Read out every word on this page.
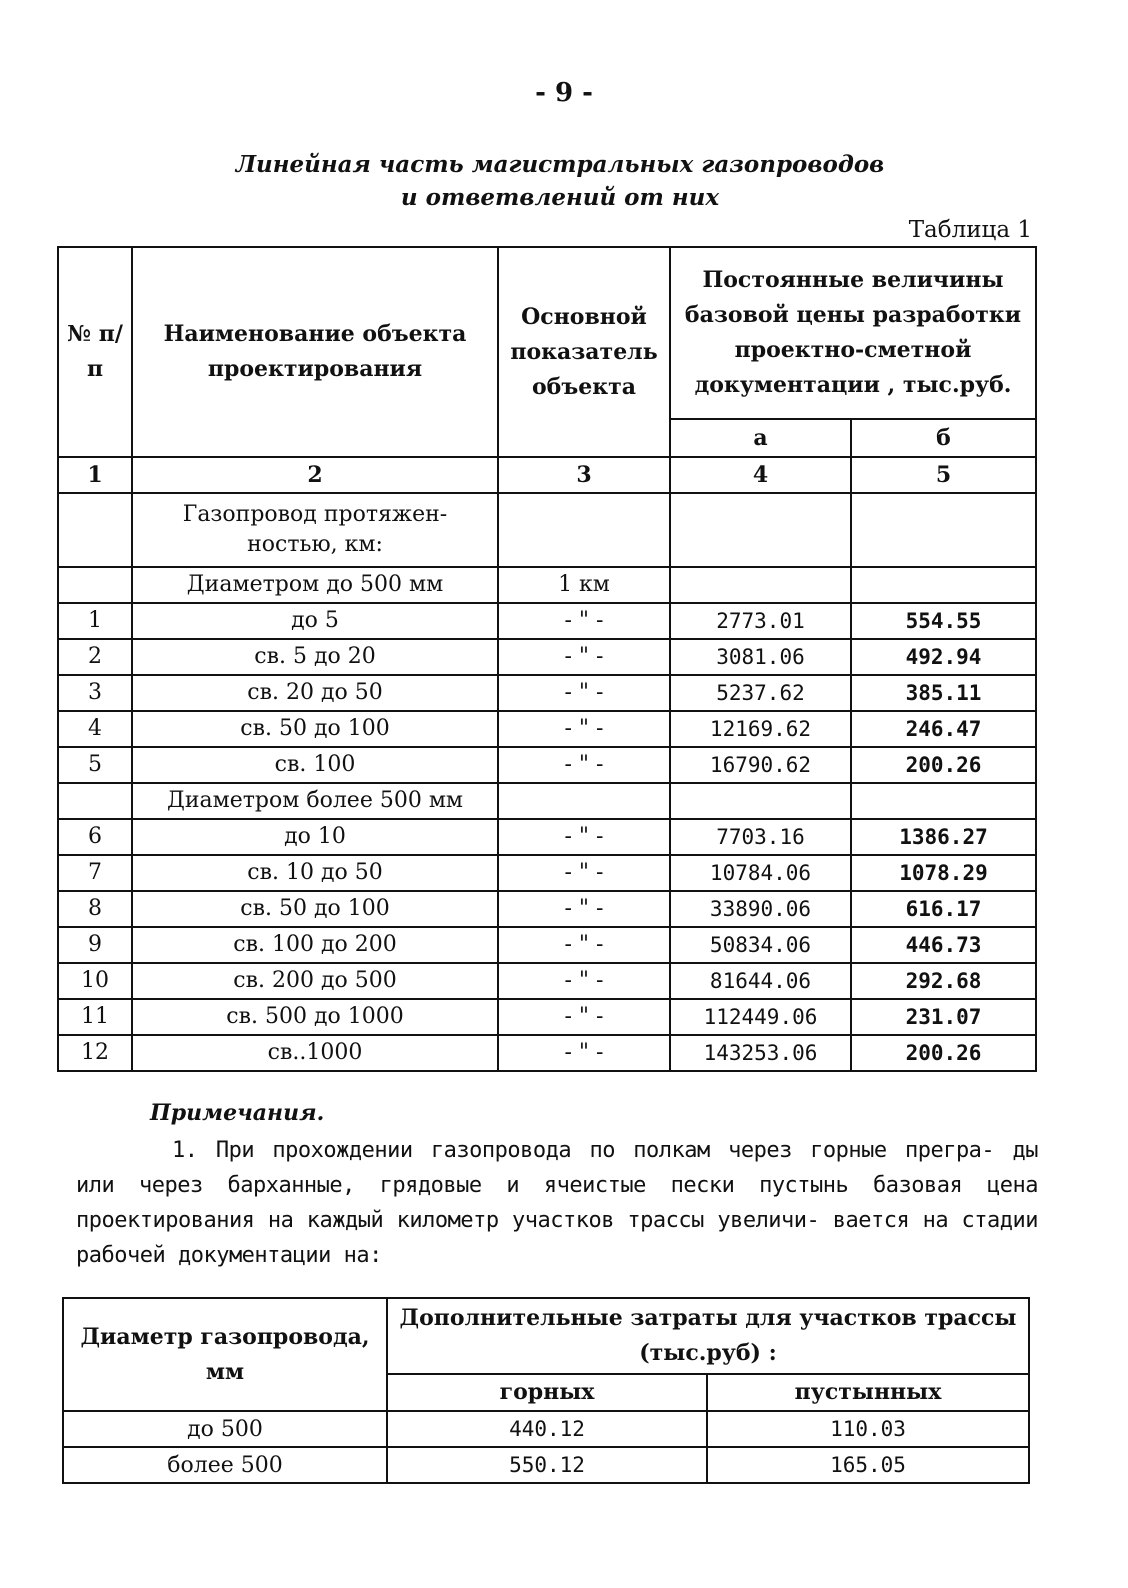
- 9 -
Линейная часть магистральных газопроводов
и ответвлений от них
Таблица 1
№ п/п	Наименование объекта проектирования	Основной показатель объекта	Постоянные величины базовой цены разработки проектно-сметной документации , тыс.руб.	
			а	б
1	2	3	4	5
	Газопровод протяжен- ностью, км:			
	Диаметром до 500 мм	1 км		
1	до 5	- " -	2773.01	554.55
2	св. 5 до 20	- " -	3081.06	492.94
3	св. 20 до 50	- " -	5237.62	385.11
4	св. 50 до 100	- " -	12169.62	246.47
5	св. 100	- " -	16790.62	200.26
	Диаметром более 500 мм			
6	до 10	- " -	7703.16	1386.27
7	св. 10 до 50	- " -	10784.06	1078.29
8	св. 50 до 100	- " -	33890.06	616.17
9	св. 100 до 200	- " -	50834.06	446.73
10	св. 200 до 500	- " -	81644.06	292.68
11	св. 500 до 1000	- " -	112449.06	231.07
12	св..1000	- " -	143253.06	200.26
Примечания.
1. При прохождении газопровода по полкам через горные прегра- ды или через барханные, грядовые и ячеистые пески пустынь базовая цена проектирования на каждый километр участков трассы увеличи- вается на стадии рабочей документации на:
Диаметр газопровода, мм	Дополнительные затраты для участков трассы (тыс.руб) :	
	горных	пустынных
до 500	440.12	110.03
более 500	550.12	165.05
